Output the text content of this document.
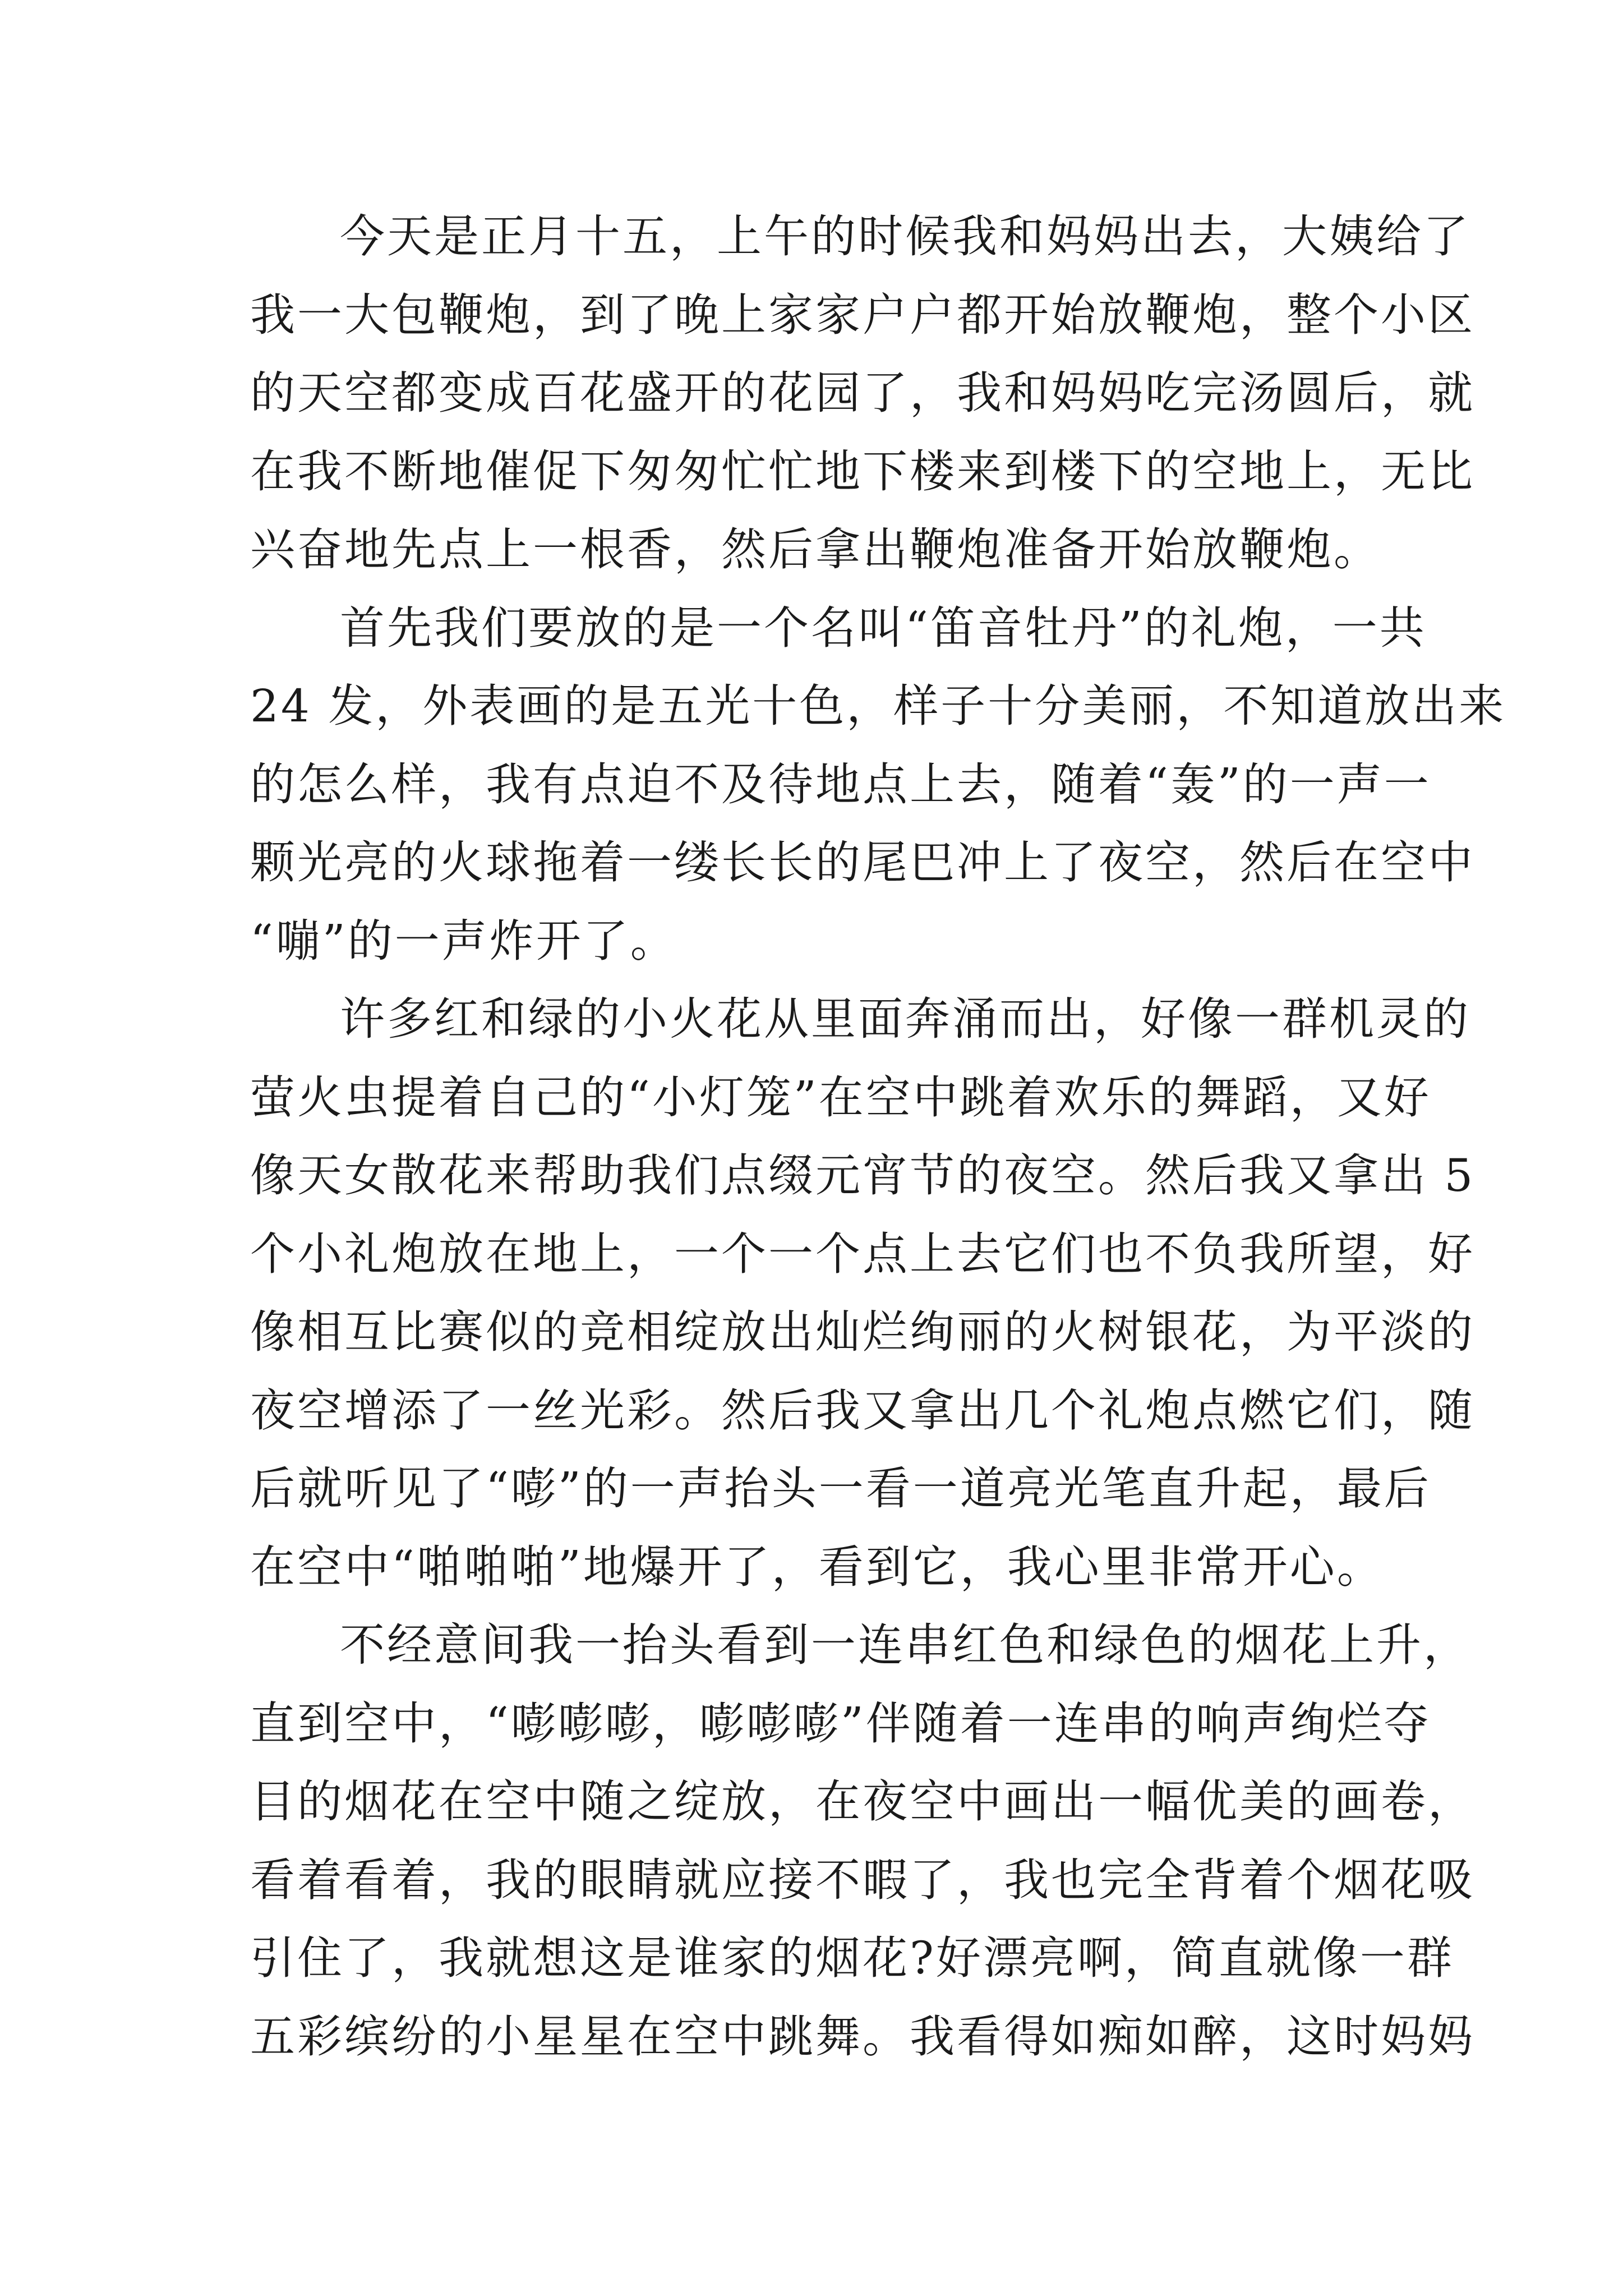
今天是正月十五，上午的时候我和妈妈出去，大姨给了
我一大包鞭炮，到了晚上家家户户都开始放鞭炮，整个小区
的天空都变成百花盛开的花园了，我和妈妈吃完汤圆后，就
在我不断地催促下匆匆忙忙地下楼来到楼下的空地上，无比
兴奋地先点上一根香，然后拿出鞭炮准备开始放鞭炮。
首先我们要放的是一个名叫“笛音牡丹”的礼炮，一共
24 发，外表画的是五光十色，样子十分美丽，不知道放出来
的怎么样，我有点迫不及待地点上去，随着“轰”的一声一
颗光亮的火球拖着一缕长长的尾巴冲上了夜空，然后在空中
“嘣”的一声炸开了。
许多红和绿的小火花从里面奔涌而出，好像一群机灵的
萤火虫提着自己的“小灯笼”在空中跳着欢乐的舞蹈，又好
像天女散花来帮助我们点缀元宵节的夜空。然后我又拿出 5
个小礼炮放在地上，一个一个点上去它们也不负我所望，好
像相互比赛似的竞相绽放出灿烂绚丽的火树银花，为平淡的
夜空增添了一丝光彩。然后我又拿出几个礼炮点燃它们，随
后就听见了“嘭”的一声抬头一看一道亮光笔直升起，最后
在空中“啪啪啪”地爆开了，看到它，我心里非常开心。
不经意间我一抬头看到一连串红色和绿色的烟花上升，
直到空中，“嘭嘭嘭，嘭嘭嘭”伴随着一连串的响声绚烂夺
目的烟花在空中随之绽放，在夜空中画出一幅优美的画卷，
看着看着，我的眼睛就应接不暇了，我也完全背着个烟花吸
引住了，我就想这是谁家的烟花?好漂亮啊，简直就像一群
五彩缤纷的小星星在空中跳舞。我看得如痴如醉，这时妈妈
